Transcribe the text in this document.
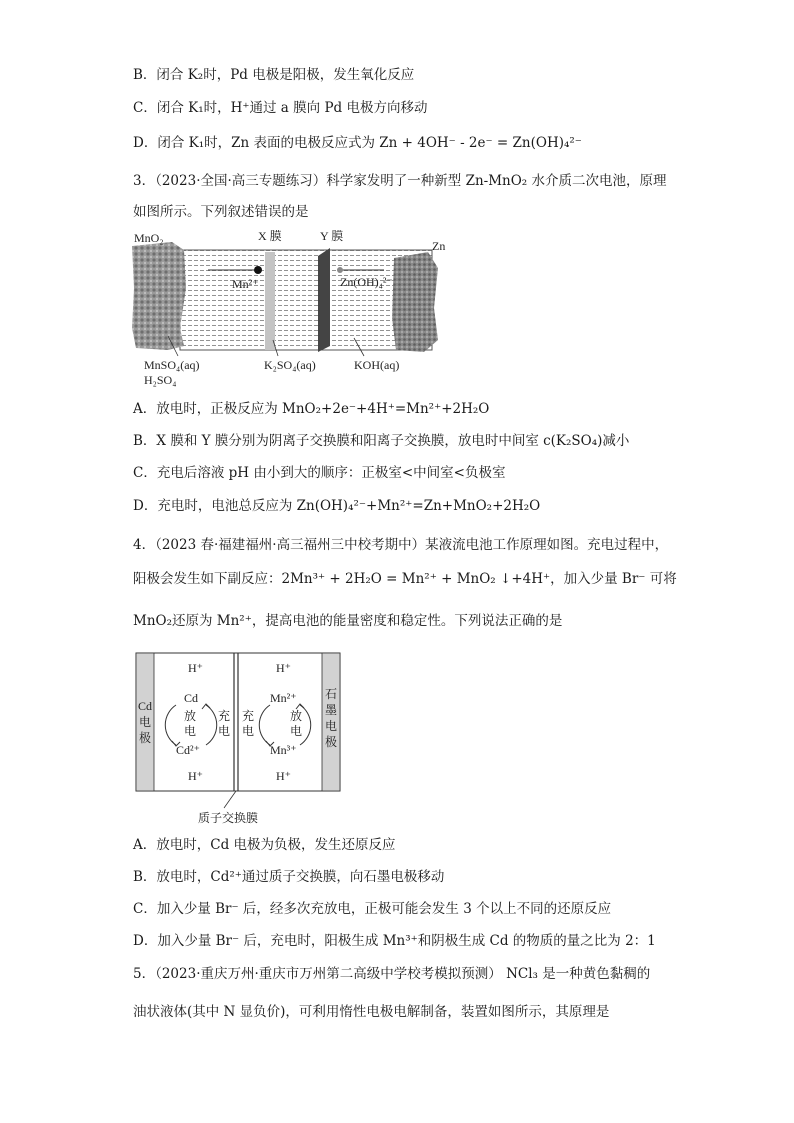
B．闭合 K₂时，Pd 电极是阳极，发生氧化反应
C．闭合 K₁时，H⁺通过 a 膜向 Pd 电极方向移动
D．闭合 K₁时，Zn 表面的电极反应式为 Zn + 4OH⁻ - 2e⁻ = Zn(OH)₄²⁻
3．（2023·全国·高三专题练习）科学家发明了一种新型 Zn-MnO₂ 水介质二次电池，原理
如图所示。下列叙述错误的是
MnO₂	X 膜	Y 膜
Zn
Mn²⁺	Zn(OH)₄²⁻
MnSO₄(aq)
H₂SO₄
K₂SO₄(aq)	KOH(aq)
A．放电时，正极反应为 MnO₂+2e⁻+4H⁺=Mn²⁺+2H₂O
B．X 膜和 Y 膜分别为阴离子交换膜和阳离子交换膜，放电时中间室 c(K₂SO₄)减小
C．充电后溶液 pH 由小到大的顺序：正极室<中间室<负极室
D．充电时，电池总反应为 Zn(OH)₄²⁻+Mn²⁺=Zn+MnO₂+2H₂O
4．（2023 春·福建福州·高三福州三中校考期中）某液流电池工作原理如图。充电过程中，
阳极会发生如下副反应：2Mn³⁺ + 2H₂O = Mn²⁺ + MnO₂ ↓+4H⁺，加入少量 Br⁻ 可将
MnO₂还原为 Mn²⁺，提高电池的能量密度和稳定性。下列说法正确的是
H⁺	H⁺
H⁺	H⁺
Cd
电
极
石
墨
电
极
Cd
Cd²⁺
放
电
充
电
充
电
Mn²⁺
Mn³⁺
放
电
质子交换膜
A．放电时，Cd 电极为负极，发生还原反应
B．放电时，Cd²⁺通过质子交换膜，向石墨电极移动
C．加入少量 Br⁻ 后，经多次充放电，正极可能会发生 3 个以上不同的还原反应
D．加入少量 Br⁻ 后，充电时，阳极生成 Mn³⁺和阴极生成 Cd 的物质的量之比为 2：1
5．（2023·重庆万州·重庆市万州第二高级中学校考模拟预测） NCl₃ 是一种黄色黏稠的
油状液体(其中 N 显负价)，可利用惰性电极电解制备，装置如图所示，其原理是
